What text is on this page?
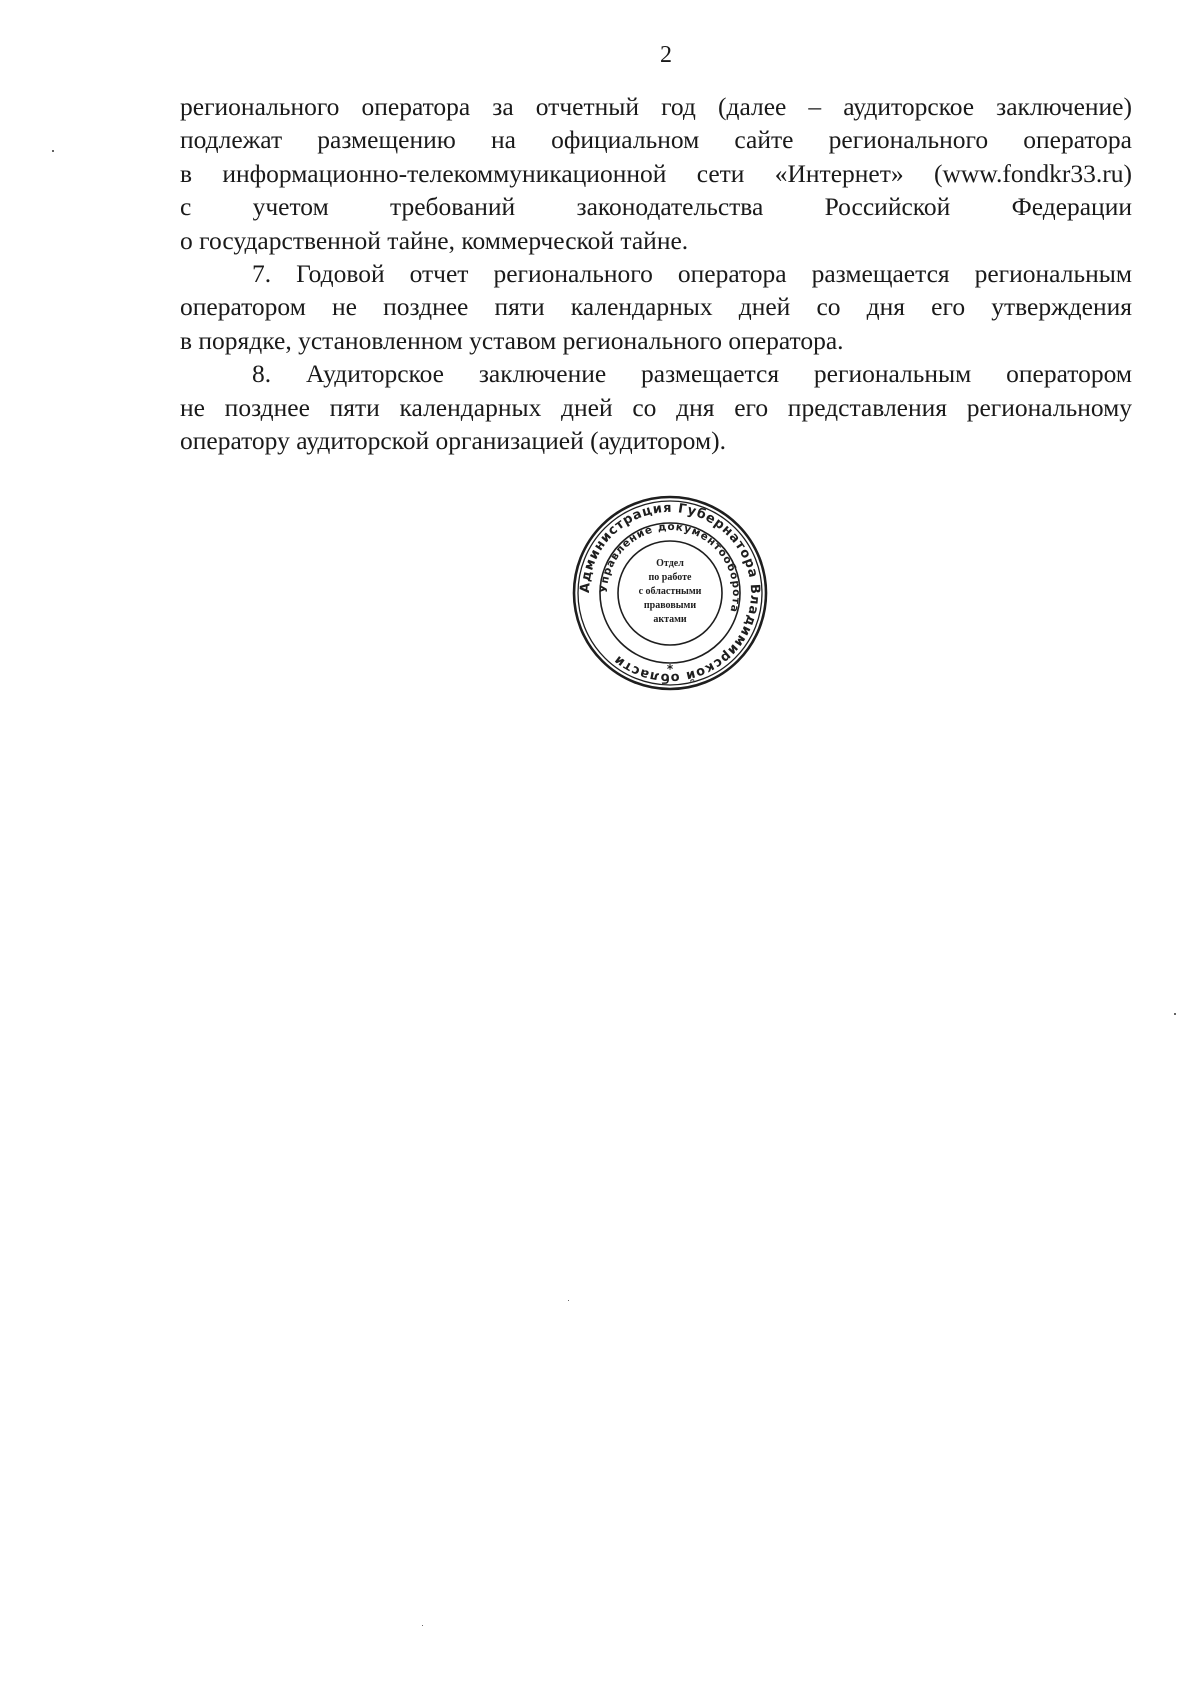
2
регионального оператора за отчетный год (далее – аудиторское заключение)
подлежат размещению на официальном сайте регионального оператора
в информационно-телекоммуникационной сети «Интернет» (www.fondkr33.ru)
с учетом требований законодательства Российской Федерации
о государственной тайне, коммерческой тайне.
7. Годовой отчет регионального оператора размещается региональным
оператором не позднее пяти календарных дней со дня его утверждения
в порядке, установленном уставом регионального оператора.
8. Аудиторское заключение размещается региональным оператором
не позднее пяти календарных дней со дня его представления региональному
оператору аудиторской организацией (аудитором).
Администрация Губернатора Владимирской области
Управление документооборота
Отдел
по работе
с областными
правовыми
актами
*
